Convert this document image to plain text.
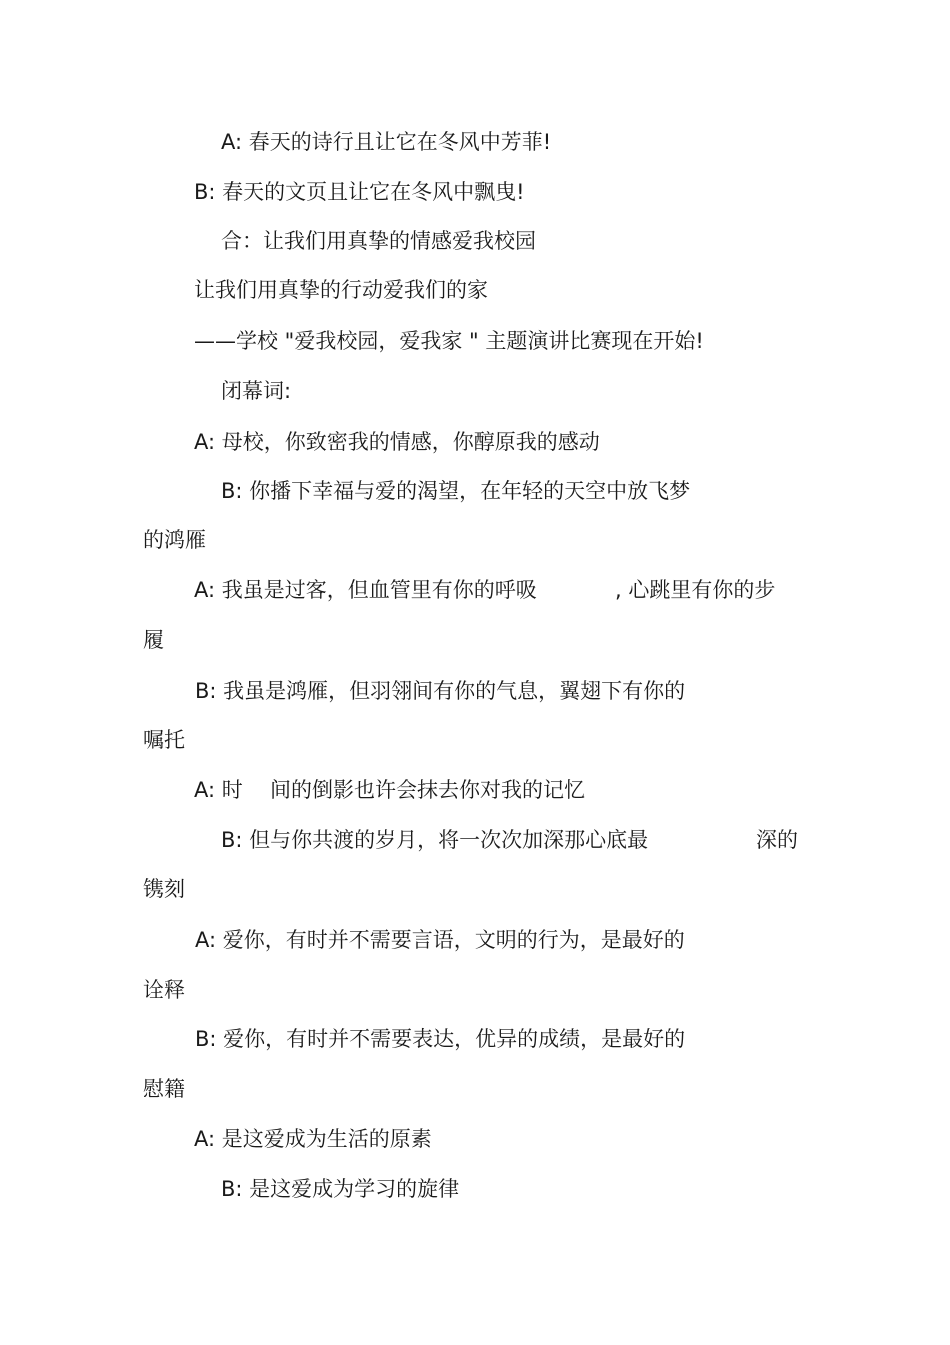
A: 春天的诗行且让它在冬风中芳菲!
B: 春天的文页且让它在冬风中飘曳!
合：让我们用真挚的情感爱我校园
让我们用真挚的行动爱我们的家
——学校 "爱我校园，爱我家 " 主题演讲比赛现在开始!
闭幕词:
A: 母校，你致密我的情感，你醇原我的感动
B: 你播下幸福与爱的渴望，在年轻的天空中放飞梦
的鸿雁
A: 我虽是过客，但血管里有你的呼吸	, 心跳里有你的步
履
B: 我虽是鸿雁，但羽翎间有你的气息，翼翅下有你的
嘱托
A: 时 间的倒影也许会抹去你对我的记忆
B: 但与你共渡的岁月，将一次次加深那心底最	深的
镌刻
A: 爱你，有时并不需要言语，文明的行为，是最好的
诠释
B: 爱你，有时并不需要表达，优异的成绩，是最好的
慰籍
A: 是这爱成为生活的原素
B: 是这爱成为学习的旋律
